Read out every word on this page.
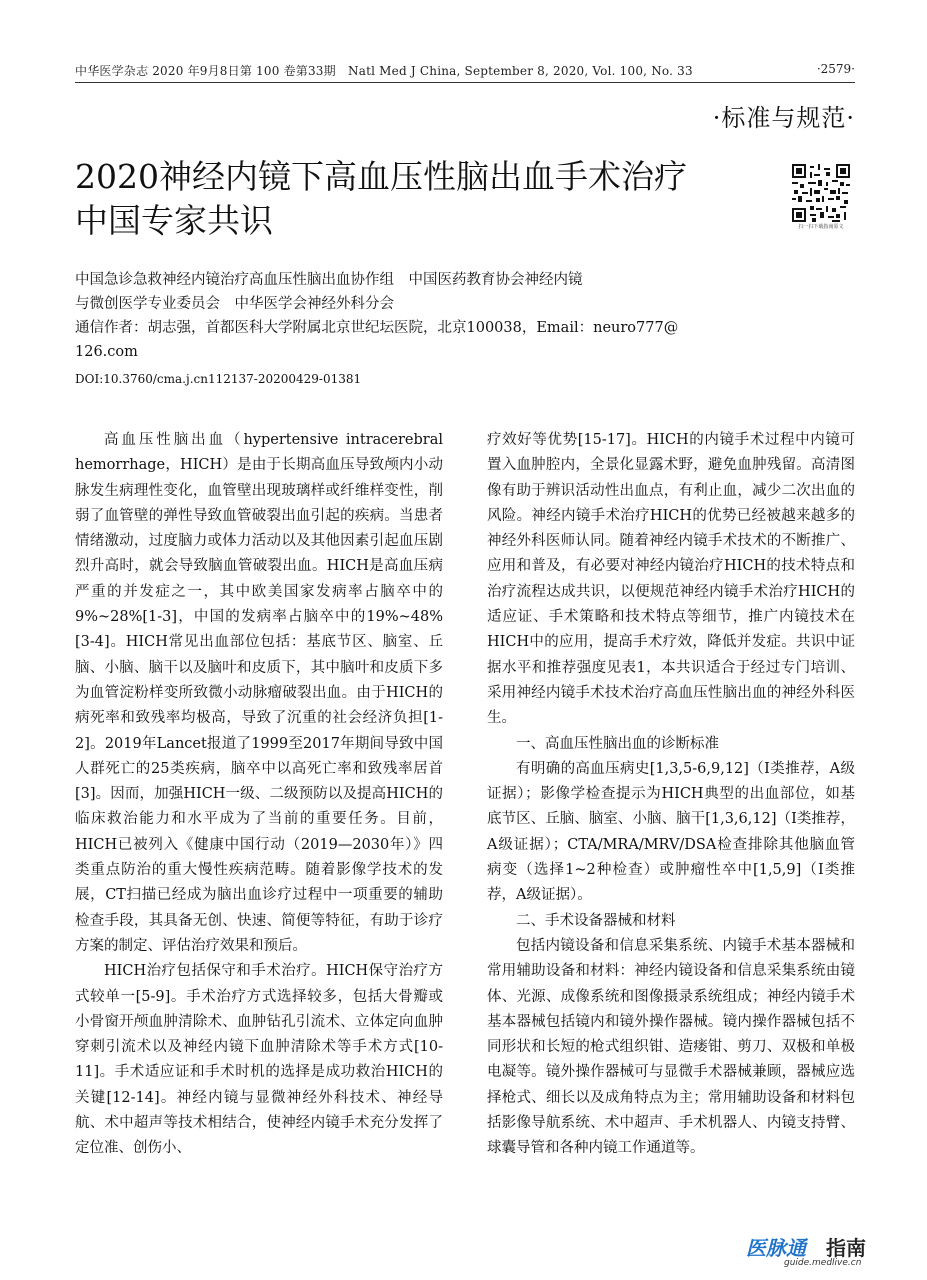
中华医学杂志 2020 年9月8日第 100 卷第33期　Natl Med J China, September 8, 2020, Vol. 100, No. 33	·2579·
·标准与规范·
2020神经内镜下高血压性脑出血手术治疗
中国专家共识	扫一扫下载指南原文
中国急诊急救神经内镜治疗高血压性脑出血协作组　中国医药教育协会神经内镜
与微创医学专业委员会　中华医学会神经外科分会
通信作者：胡志强，首都医科大学附属北京世纪坛医院，北京100038，Email：neuro777@
126.com
DOI:10.3760/cma.j.cn112137-20200429-01381

高血压性脑出血（hypertensive intracerebral hemorrhage，HICH）是由于长期高血压导致颅内小动脉发生病理性变化，血管壁出现玻璃样或纤维样变性，削弱了血管壁的弹性导致血管破裂出血引起的疾病。当患者情绪激动，过度脑力或体力活动以及其他因素引起血压剧烈升高时，就会导致脑血管破裂出血。HICH是高血压病严重的并发症之一，其中欧美国家发病率占脑卒中的9%~28%[1-3]，中国的发病率占脑卒中的19%~48%[3-4]。HICH常见出血部位包括：基底节区、脑室、丘脑、小脑、脑干以及脑叶和皮质下，其中脑叶和皮质下多为血管淀粉样变所致微小动脉瘤破裂出血。由于HICH的病死率和致残率均极高，导致了沉重的社会经济负担[1-2]。2019年Lancet报道了1999至2017年期间导致中国人群死亡的25类疾病，脑卒中以高死亡率和致残率居首[3]。因而，加强HICH一级、二级预防以及提高HICH的临床救治能力和水平成为了当前的重要任务。目前，HICH已被列入《健康中国行动（2019—2030年）》四类重点防治的重大慢性疾病范畴。随着影像学技术的发展，CT扫描已经成为脑出血诊疗过程中一项重要的辅助检查手段，其具备无创、快速、简便等特征，有助于诊疗方案的制定、评估治疗效果和预后。

HICH治疗包括保守和手术治疗。HICH保守治疗方式较单一[5-9]。手术治疗方式选择较多，包括大骨瓣或小骨窗开颅血肿清除术、血肿钻孔引流术、立体定向血肿穿刺引流术以及神经内镜下血肿清除术等手术方式[10-11]。手术适应证和手术时机的选择是成功救治HICH的关键[12-14]。神经内镜与显微神经外科技术、神经导航、术中超声等技术相结合，使神经内镜手术充分发挥了定位准、创伤小、

疗效好等优势[15-17]。HICH的内镜手术过程中内镜可置入血肿腔内，全景化显露术野，避免血肿残留。高清图像有助于辨识活动性出血点，有利止血，减少二次出血的风险。神经内镜手术治疗HICH的优势已经被越来越多的神经外科医师认同。随着神经内镜手术技术的不断推广、应用和普及，有必要对神经内镜治疗HICH的技术特点和治疗流程达成共识，以便规范神经内镜手术治疗HICH的适应证、手术策略和技术特点等细节，推广内镜技术在HICH中的应用，提高手术疗效，降低并发症。共识中证据水平和推荐强度见表1，本共识适合于经过专门培训、采用神经内镜手术技术治疗高血压性脑出血的神经外科医生。

一、高血压性脑出血的诊断标准

有明确的高血压病史[1,3,5-6,9,12]（Ⅰ类推荐，A级证据）；影像学检查提示为HICH典型的出血部位，如基底节区、丘脑、脑室、小脑、脑干[1,3,6,12]（Ⅰ类推荐，A级证据）；CTA/MRA/MRV/DSA检查排除其他脑血管病变（选择1~2种检查）或肿瘤性卒中[1,5,9]（Ⅰ类推荐，A级证据）。

二、手术设备器械和材料

包括内镜设备和信息采集系统、内镜手术基本器械和常用辅助设备和材料：神经内镜设备和信息采集系统由镜体、光源、成像系统和图像摄录系统组成；神经内镜手术基本器械包括镜内和镜外操作器械。镜内操作器械包括不同形状和长短的枪式组织钳、造瘘钳、剪刀、双极和单极电凝等。镜外操作器械可与显微手术器械兼顾，器械应选择枪式、细长以及成角特点为主；常用辅助设备和材料包括影像导航系统、术中超声、手术机器人、内镜支持臂、球囊导管和各种内镜工作通道等。

医脉通 指南
guide.medlive.cn
